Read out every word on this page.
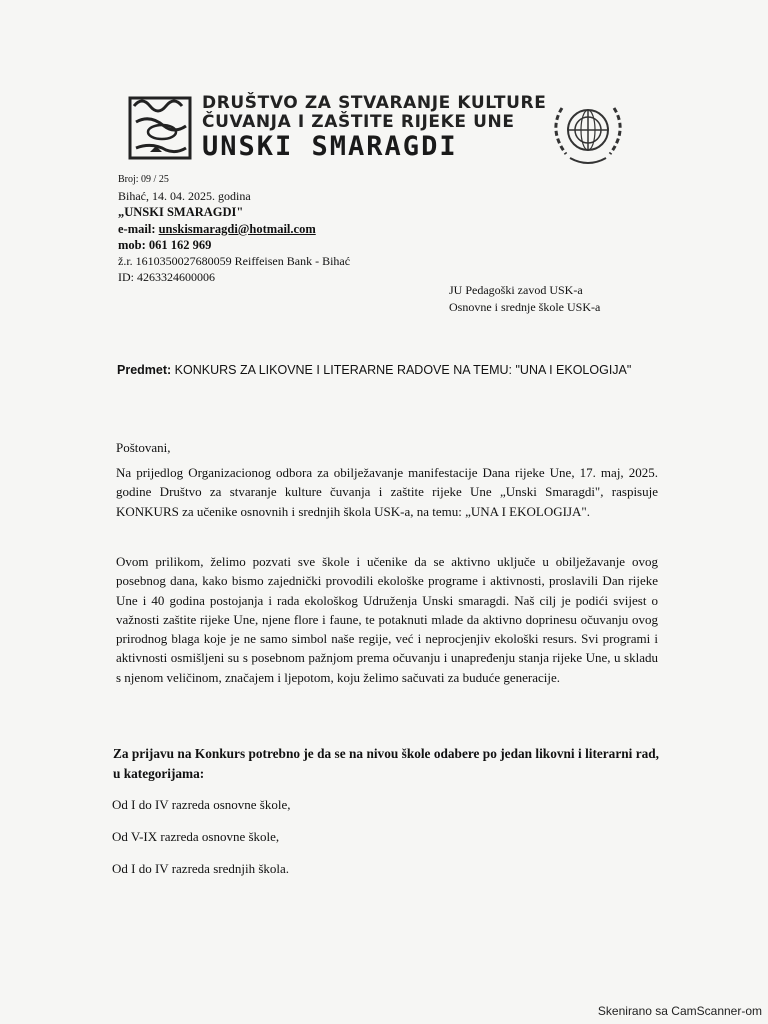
DRUŠTVO ZA STVARANJE KULTURE
ČUVANJA I ZAŠTITE RIJEKE UNE
UNSKI SMARAGDI
Broj: 09 / 25
Bihać, 14. 04. 2025. godina
„UNSKI SMARAGDI"
e-mail: unskismaragdi@hotmail.com
mob: 061 162 969
ž.r. 1610350027680059 Reiffeisen Bank - Bihać
ID: 4263324600006
JU Pedagoški zavod USK-a
Osnovne i srednje škole USK-a
Predmet: KONKURS ZA LIKOVNE I LITERARNE RADOVE NA TEMU: "UNA I EKOLOGIJA"
Poštovani,
Na prijedlog Organizacionog odbora za obilježavanje manifestacije Dana rijeke Une, 17. maj, 2025. godine Društvo za stvaranje kulture čuvanja i zaštite rijeke Une „Unski Smaragdi", raspisuje KONKURS za učenike osnovnih i srednjih škola USK-a, na temu: „UNA I EKOLOGIJA".
Ovom prilikom, želimo pozvati sve škole i učenike da se aktivno uključe u obilježavanje ovog posebnog dana, kako bismo zajednički provodili ekološke programe i aktivnosti, proslavili Dan rijeke Une i 40 godina postojanja i rada ekološkog Udruženja Unski smaragdi. Naš cilj je podići svijest o važnosti zaštite rijeke Une, njene flore i faune, te potaknuti mlade da aktivno doprinesu očuvanju ovog prirodnog blaga koje je ne samo simbol naše regije, već i neprocjenjiv ekološki resurs. Svi programi i aktivnosti osmišljeni su s posebnom pažnjom prema očuvanju i unapređenju stanja rijeke Une, u skladu s njenom veličinom, značajem i ljepotom, koju želimo sačuvati za buduće generacije.
Za prijavu na Konkurs potrebno je da se na nivou škole odabere po jedan likovni i literarni rad, u kategorijama:
Od I do IV razreda osnovne škole,
Od V-IX razreda osnovne škole,
Od I do IV razreda srednjih škola.
Skenirano sa CamScanner-om
